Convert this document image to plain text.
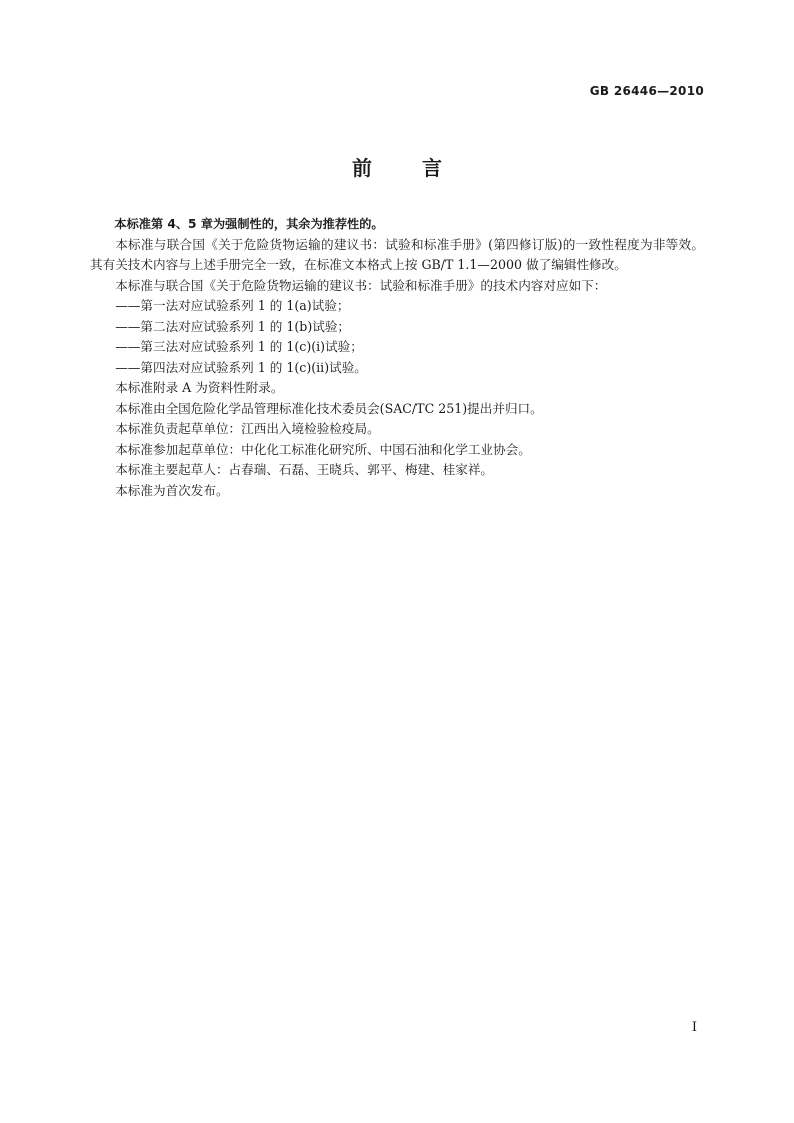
GB 26446—2010
前	言

本标准第 4、5 章为强制性的，其余为推荐性的。

本标准与联合国《关于危险货物运输的建议书：试验和标准手册》(第四修订版)的一致性程度为非等效。其有关技术内容与上述手册完全一致，在标准文本格式上按 GB/T 1.1—2000 做了编辑性修改。

本标准与联合国《关于危险货物运输的建议书：试验和标准手册》的技术内容对应如下：

——第一法对应试验系列 1 的 1(a)试验；

——第二法对应试验系列 1 的 1(b)试验；

——第三法对应试验系列 1 的 1(c)(i)试验；

——第四法对应试验系列 1 的 1(c)(ii)试验。

本标准附录 A 为资料性附录。

本标准由全国危险化学品管理标准化技术委员会(SAC/TC 251)提出并归口。

本标准负责起草单位：江西出入境检验检疫局。

本标准参加起草单位：中化化工标准化研究所、中国石油和化学工业协会。

本标准主要起草人：占春瑞、石磊、王晓兵、郭平、梅建、桂家祥。

本标准为首次发布。

I
